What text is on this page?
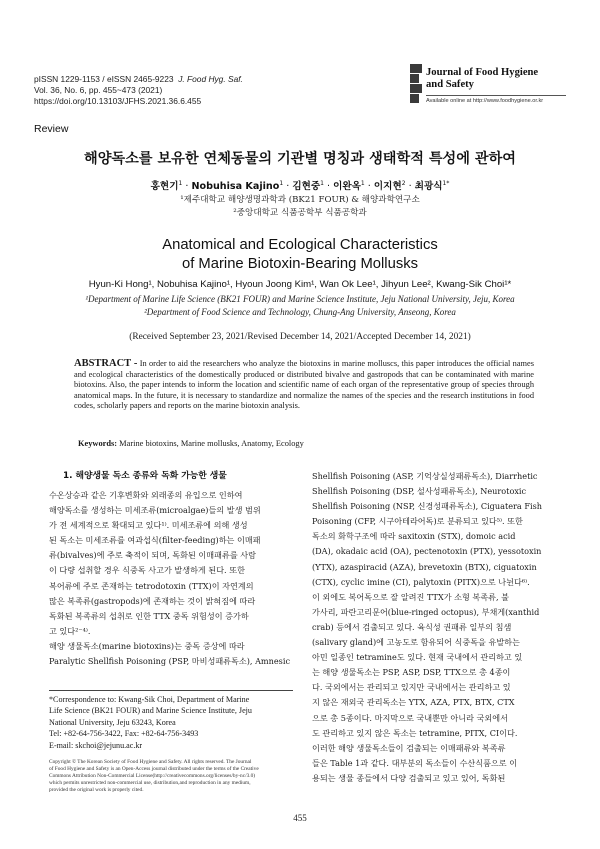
pISSN 1229-1153 / eISSN 2465-9223 J. Food Hyg. Saf.
Vol. 36, No. 6, pp. 455~473 (2021)
https://doi.org/10.13103/JFHS.2021.36.6.455
Journal of Food Hygiene
and Safety
Available online at http://www.foodhygiene.or.kr
Review
해양독소를 보유한 연체동물의 기관별 명칭과 생태학적 특성에 관하여
홍현기$^1$ · Nobuhisa Kajino$^1$ · 김현중$^1$ · 이완옥$^1$ · 이지현$^2$ · 최광식$^{1*}$
¹제주대학교 해양생명과학과 (BK21 FOUR) & 해양과학연구소
²중앙대학교 식품공학부 식품공학과
Anatomical and Ecological Characteristics
of Marine Biotoxin-Bearing Mollusks
Hyun-Ki Hong¹, Nobuhisa Kajino¹, Hyoun Joong Kim¹, Wan Ok Lee¹, Jihyun Lee², Kwang-Sik Choi¹*
¹Department of Marine Life Science (BK21 FOUR) and Marine Science Institute, Jeju National University, Jeju, Korea
²Department of Food Science and Technology, Chung-Ang University, Anseong, Korea
(Received September 23, 2021/Revised December 14, 2021/Accepted December 14, 2021)
ABSTRACT - In order to aid the researchers who analyze the biotoxins in marine molluscs, this paper introduces the official names and ecological characteristics of the domestically produced or distributed bivalve and gastropods that can be contaminated with marine biotoxins. Also, the paper intends to inform the location and scientific name of each organ of the representative group of species through anatomical maps. In the future, it is necessary to standardize and normalize the names of the species and the research institutions in food codes, scholarly papers and reports on the marine biotoxin analysis.
Keywords: Marine biotoxins, Marine mollusks, Anatomy, Ecology
1. 해양생물 독소 종류와 독화 가능한 생물
수온상승과 같은 기후변화와 외래종의 유입으로 인하여
해양독소를 생성하는 미세조류(microalgae)들의 발생 범위
가 전 세계적으로 확대되고 있다¹⁾. 미세조류에 의해 생성
된 독소는 미세조류를 여과섭식(filter-feeding)하는 이매패
류(bivalves)에 주로 축적이 되며, 독화된 이매패류를 사람
이 다량 섭취할 경우 식중독 사고가 발생하게 된다. 또한
복어류에 주로 존재하는 tetrodotoxin (TTX)이 자연계의
많은 복족류(gastropods)에 존재하는 것이 밝혀짐에 따라
독화된 복족류의 섭취로 인한 TTX 중독 위험성이 증가하
고 있다²⁻⁴⁾.
해양 생물독소(marine biotoxins)는 중독 증상에 따라
Paralytic Shellfish Poisoning (PSP, 마비성패류독소), Amnesic
Shellfish Poisoning (ASP, 기억상실성패류독소), Diarrhetic
Shellfish Poisoning (DSP, 설사성패류독소), Neurotoxic
Shellfish Poisoning (NSP, 신경성패류독소), Ciguatera Fish
Poisoning (CFP, 시구아테라어독)로 분류되고 있다⁵⁾. 또한
독소의 화학구조에 따라 saxitoxin (STX), domoic acid
(DA), okadaic acid (OA), pectenotoxin (PTX), yessotoxin
(YTX), azaspiracid (AZA), brevetoxin (BTX), ciguatoxin
(CTX), cyclic imine (CI), palytoxin (PITX)으로 나뉜다⁶⁾.
이 외에도 복어독으로 잘 알려진 TTX가 소형 복족류, 불
가사리, 파란고리문어(blue-ringed octopus), 부채게(xanthid
crab) 등에서 검출되고 있다. 육식성 권패류 일부의 침샘
(salivary gland)에 고농도로 함유되어 식중독을 유발하는
아민 일종인 tetramine도 있다. 현재 국내에서 관리하고 있
는 해양 생물독소는 PSP, ASP, DSP, TTX으로 총 4종이
다. 국외에서는 관리되고 있지만 국내에서는 관리하고 있
지 않은 재외국 관리독소는 YTX, AZA, PTX, BTX, CTX
으로 총 5종이다. 마지막으로 국내뿐만 아니라 국외에서
도 관리하고 있지 않은 독소는 tetramine, PITX, CI이다.
이러한 해양 생물독소들이 검출되는 이매패류와 복족류
들은 Table 1과 같다. 대부분의 독소들이 수산식품으로 이
용되는 생물 종들에서 다양 검출되고 있고 있어, 독화된
*Correspondence to: Kwang-Sik Choi, Department of Marine
Life Science (BK21 FOUR) and Marine Science Institute, Jeju
National University, Jeju 63243, Korea
Tel: +82-64-756-3422, Fax: +82-64-756-3493
E-mail: skchoi@jejunu.ac.kr
Copyright © The Korean Society of Food Hygiene and Safety. All rights reserved. The Journal
of Food Hygiene and Safety is an Open-Access journal distributed under the terms of the Creative
Commons Attribution Non-Commercial License(http://creativecommons.org/licenses/by-nc/3.0)
which permits unrestricted non-commercial use, distribution,and reproduction in any medium,
provided the original work is properly cited.
455
